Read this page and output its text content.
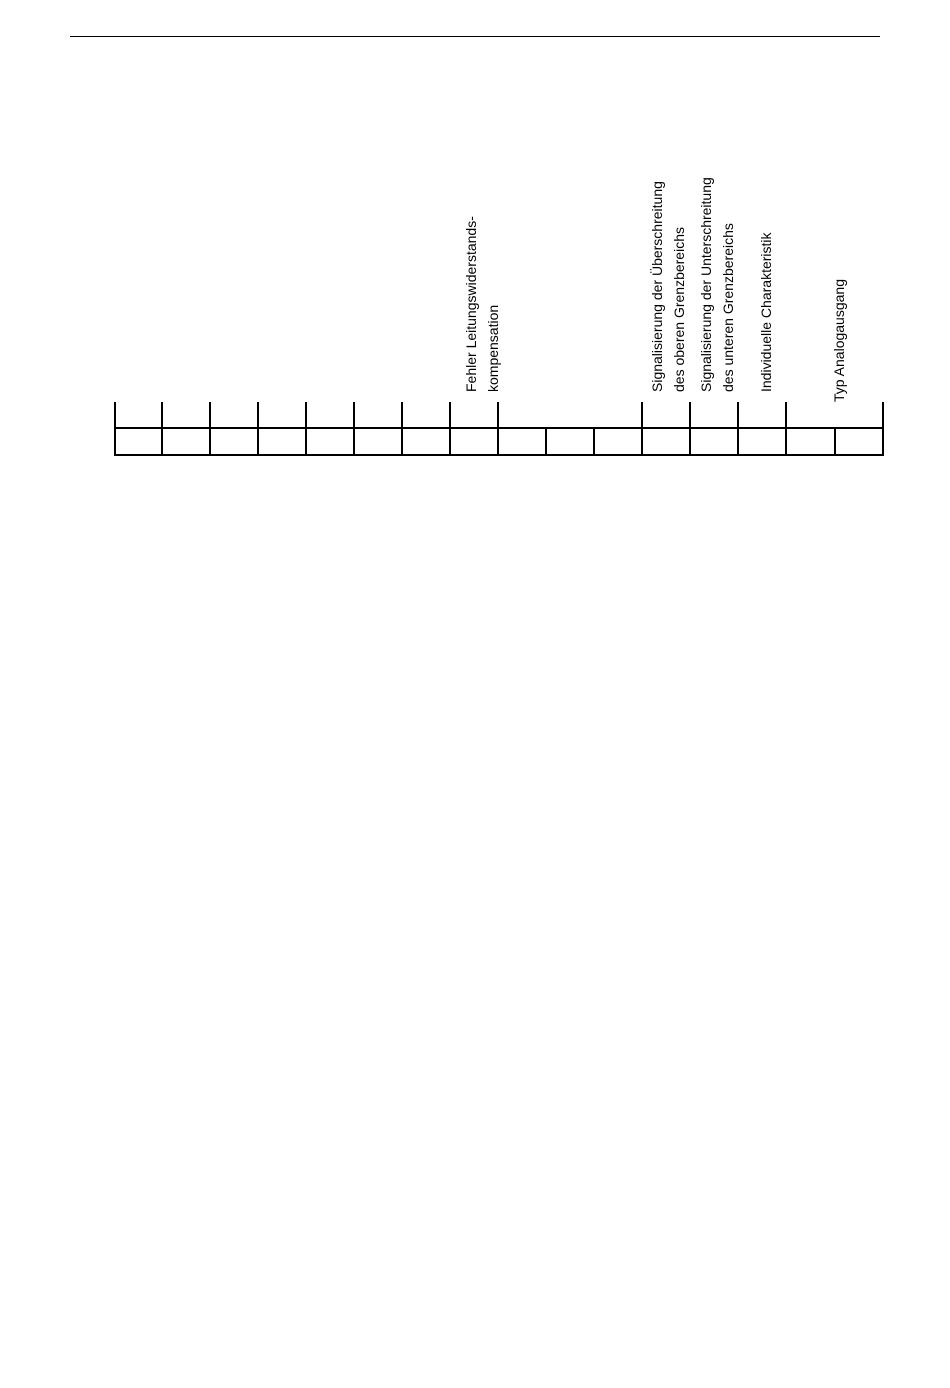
Fehler Leitungswiderstands- kompensation	Signalisierung der Überschreitung des oberen Grenzbereichs Signalisierung der Unterschreitung des unteren Grenzbereichs Individuelle Charakteristik	Typ Analogausgang
